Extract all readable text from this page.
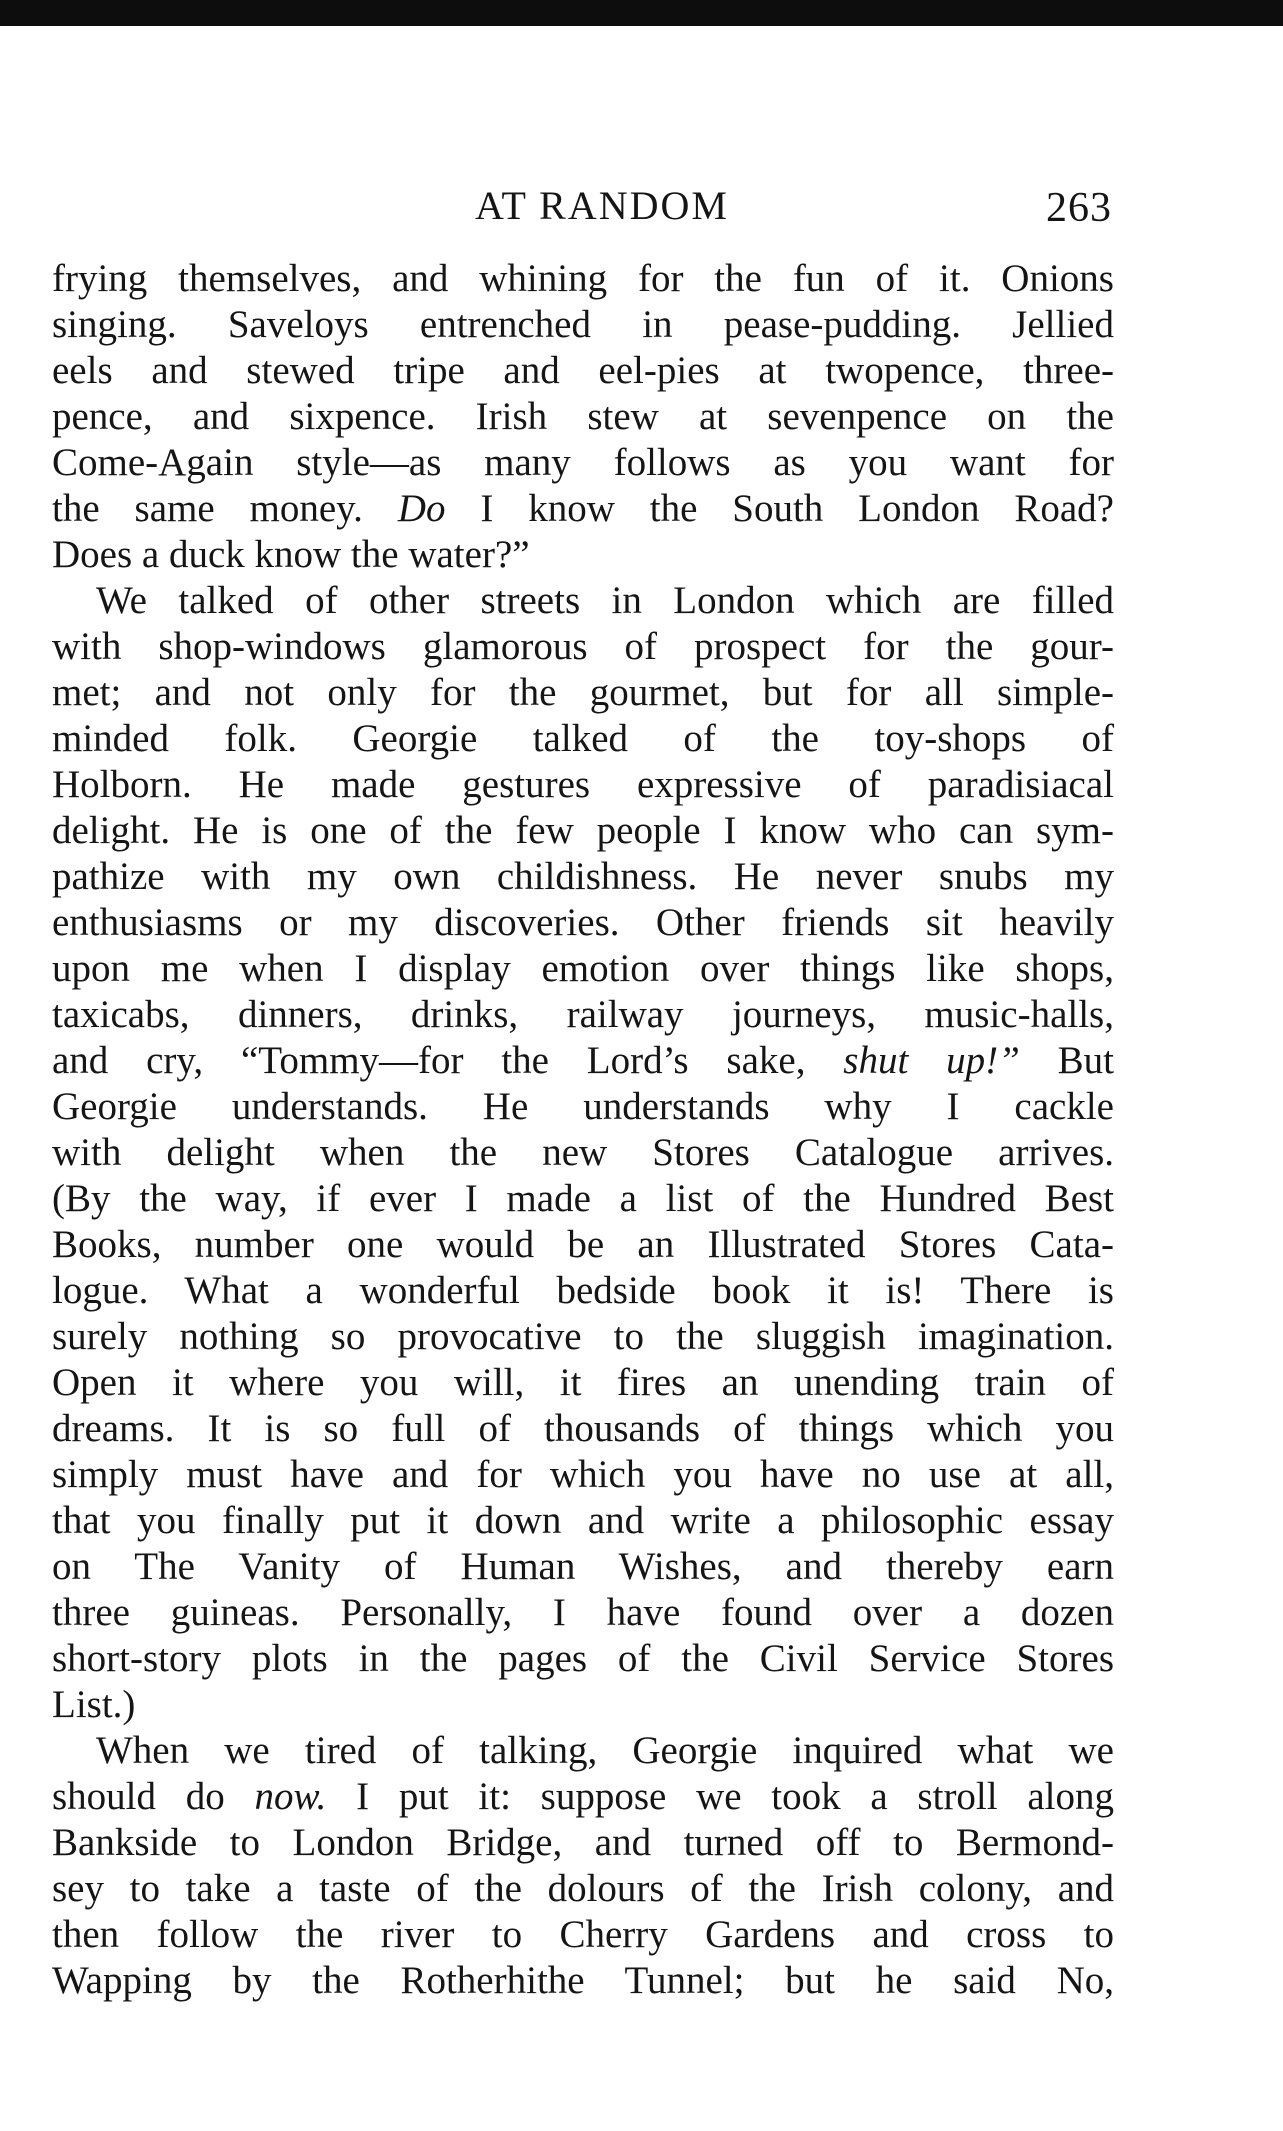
AT RANDOM	263
frying themselves, and whining for the fun of it. Onions
singing. Saveloys entrenched in pease-pudding. Jellied
eels and stewed tripe and eel-pies at twopence, three-
pence, and sixpence. Irish stew at sevenpence on the
Come-Again style—as many follows as you want for
the same money. Do I know the South London Road?
Does a duck know the water?”
We talked of other streets in London which are filled
with shop-windows glamorous of prospect for the gour-
met; and not only for the gourmet, but for all simple-
minded folk. Georgie talked of the toy-shops of
Holborn. He made gestures expressive of paradisiacal
delight. He is one of the few people I know who can sym-
pathize with my own childishness. He never snubs my
enthusiasms or my discoveries. Other friends sit heavily
upon me when I display emotion over things like shops,
taxicabs, dinners, drinks, railway journeys, music-halls,
and cry, “Tommy—for the Lord’s sake, shut up!” But
Georgie understands. He understands why I cackle
with delight when the new Stores Catalogue arrives.
(By the way, if ever I made a list of the Hundred Best
Books, number one would be an Illustrated Stores Cata-
logue. What a wonderful bedside book it is! There is
surely nothing so provocative to the sluggish imagination.
Open it where you will, it fires an unending train of
dreams. It is so full of thousands of things which you
simply must have and for which you have no use at all,
that you finally put it down and write a philosophic essay
on The Vanity of Human Wishes, and thereby earn
three guineas. Personally, I have found over a dozen
short-story plots in the pages of the Civil Service Stores
List.)
When we tired of talking, Georgie inquired what we
should do now. I put it: suppose we took a stroll along
Bankside to London Bridge, and turned off to Bermond-
sey to take a taste of the dolours of the Irish colony, and
then follow the river to Cherry Gardens and cross to
Wapping by the Rotherhithe Tunnel; but he said No,
